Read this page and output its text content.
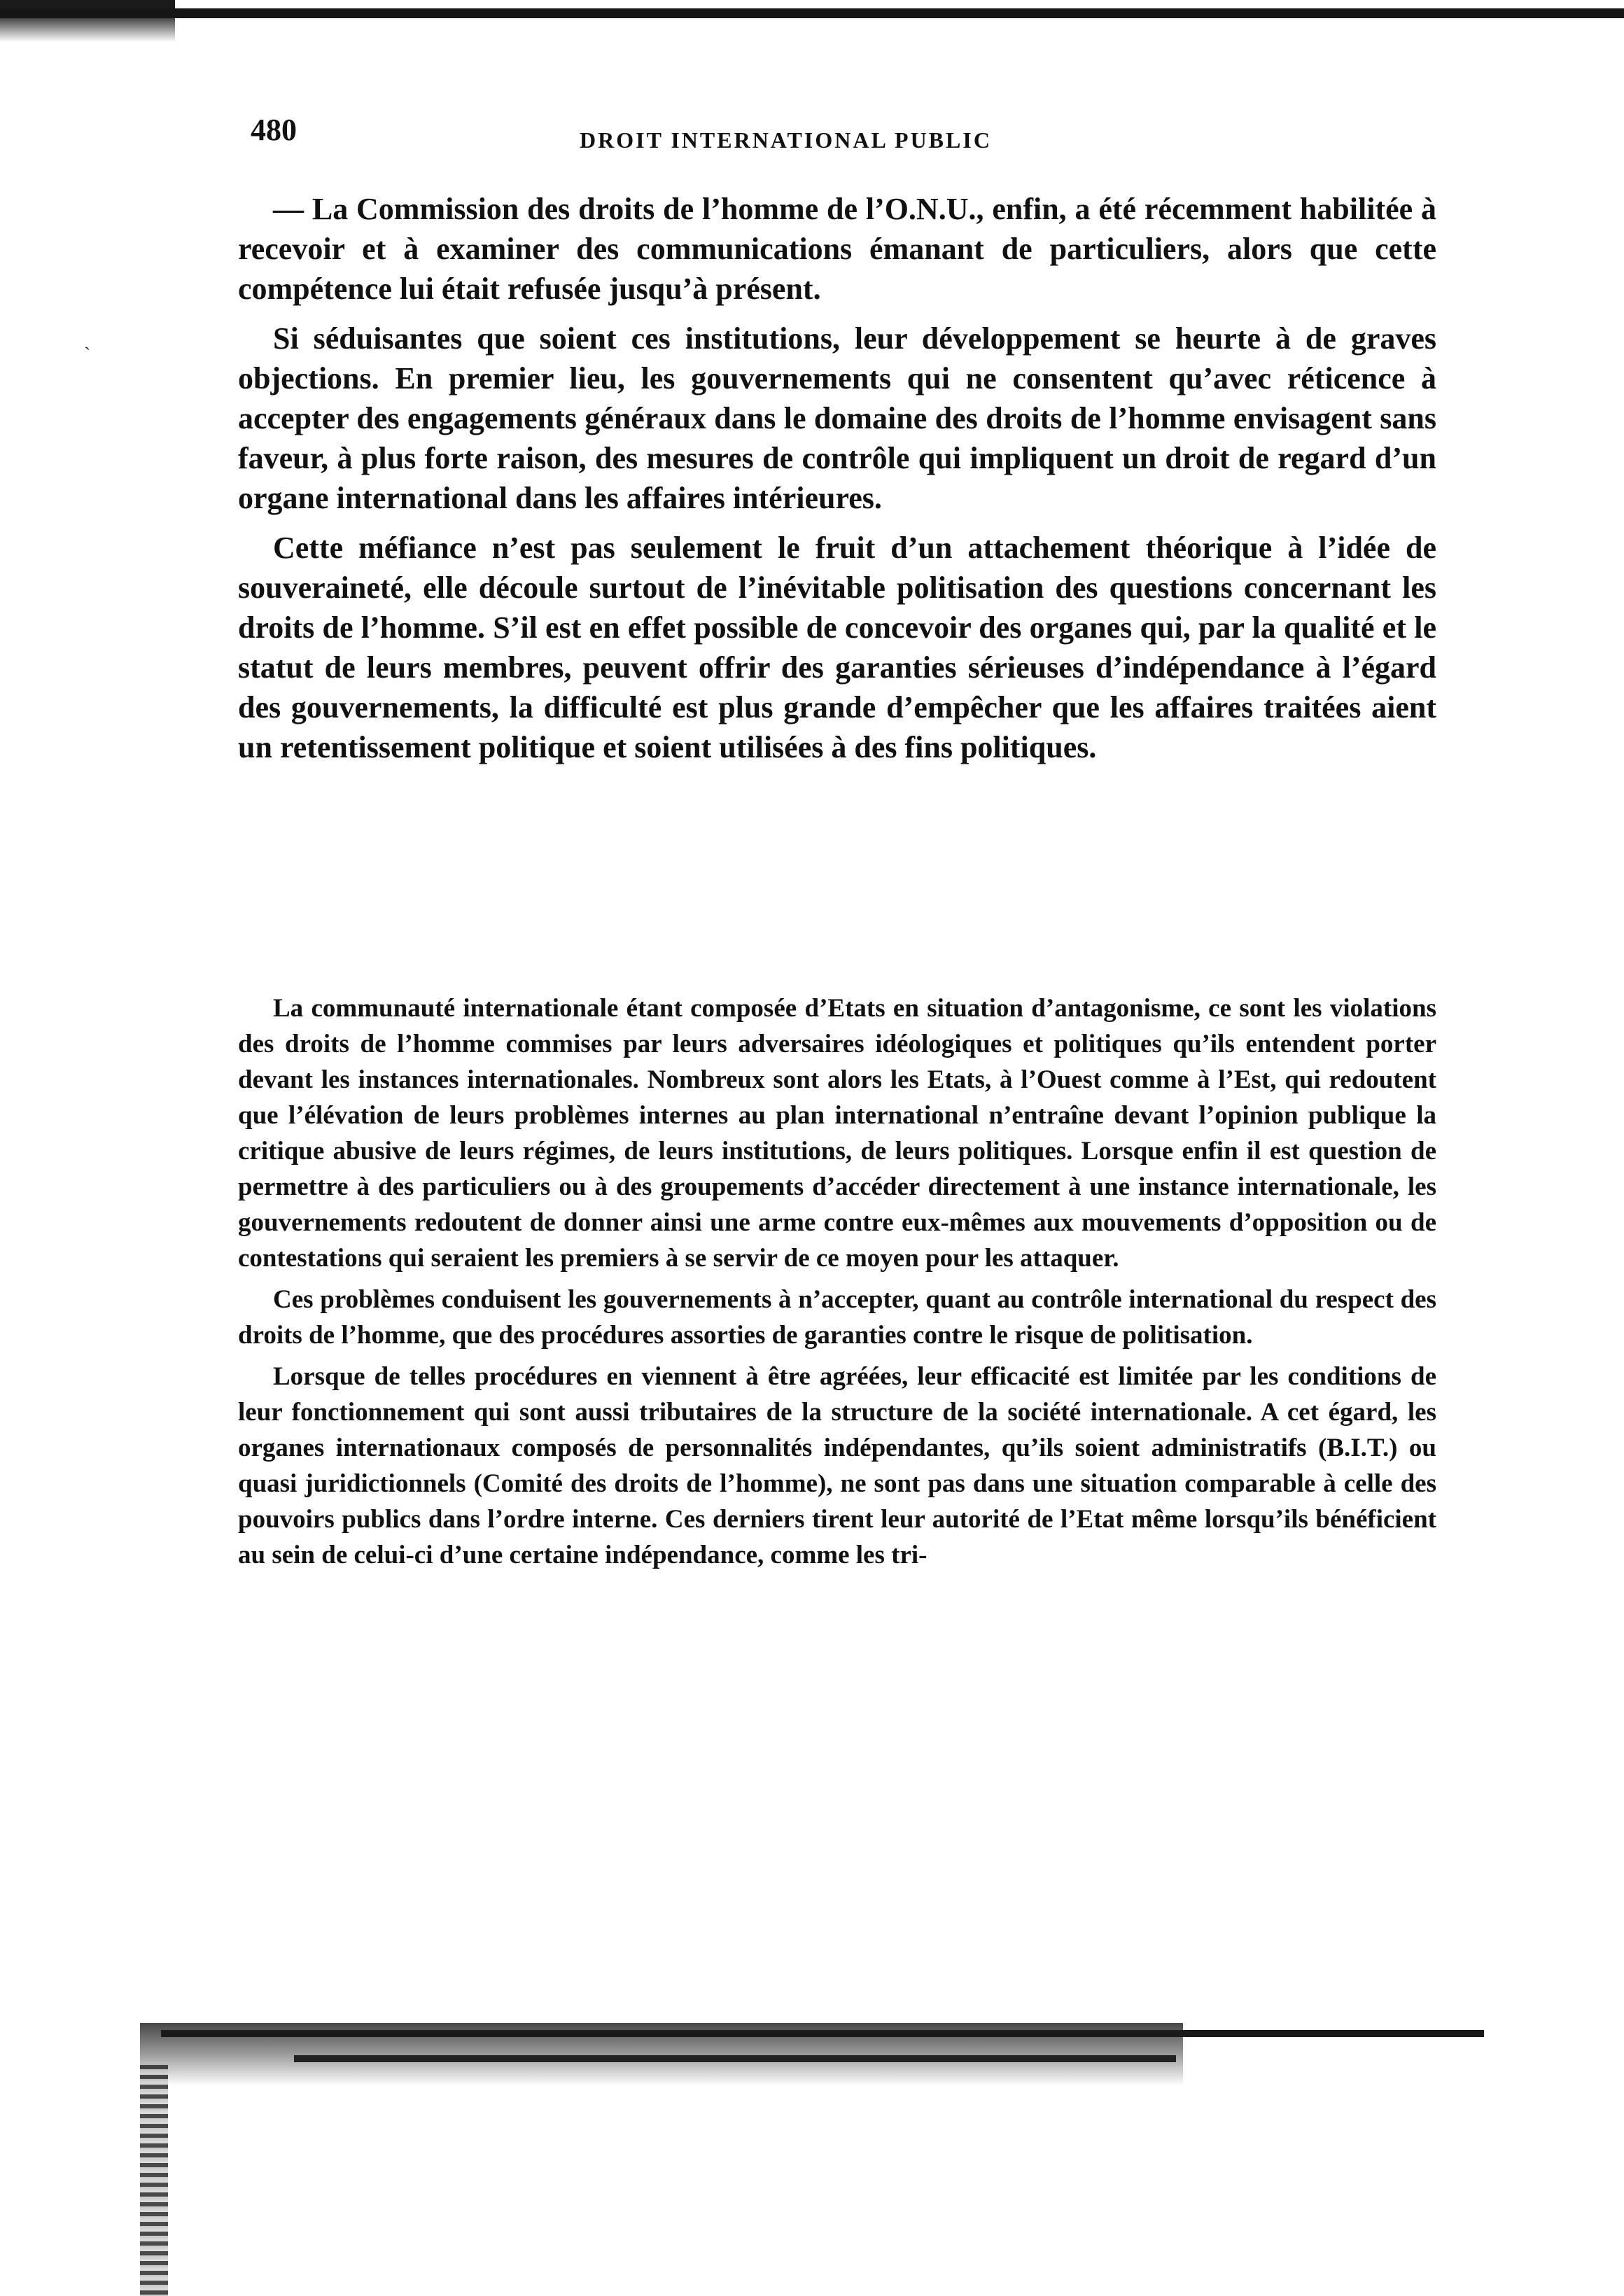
480	DROIT INTERNATIONAL PUBLIC
ˎ

— La Commission des droits de l’homme de l’O.N.U., enfin, a été récemment habilitée à recevoir et à examiner des communications émanant de particuliers, alors que cette compétence lui était refusée jusqu’à présent.

Si séduisantes que soient ces institutions, leur développement se heurte à de graves objections. En premier lieu, les gouvernements qui ne consentent qu’avec réticence à accepter des engagements généraux dans le domaine des droits de l’homme envisagent sans faveur, à plus forte raison, des mesures de contrôle qui impliquent un droit de regard d’un organe international dans les affaires intérieures.

Cette méfiance n’est pas seulement le fruit d’un attachement théorique à l’idée de souveraineté, elle découle surtout de l’inévitable politisation des questions concernant les droits de l’homme. S’il est en effet possible de concevoir des organes qui, par la qualité et le statut de leurs membres, peuvent offrir des garanties sérieuses d’indépendance à l’égard des gouvernements, la difficulté est plus grande d’empêcher que les affaires traitées aient un retentissement politique et soient utilisées à des fins politiques.

La communauté internationale étant composée d’Etats en situation d’antagonisme, ce sont les violations des droits de l’homme commises par leurs adversaires idéologiques et politiques qu’ils entendent porter devant les instances internationales. Nombreux sont alors les Etats, à l’Ouest comme à l’Est, qui redoutent que l’élévation de leurs problèmes internes au plan international n’entraîne devant l’opinion publique la critique abusive de leurs régimes, de leurs institutions, de leurs politiques. Lorsque enfin il est question de permettre à des particuliers ou à des groupements d’accéder directement à une instance internationale, les gouvernements redoutent de donner ainsi une arme contre eux-mêmes aux mouvements d’opposition ou de contestations qui seraient les premiers à se servir de ce moyen pour les attaquer.

Ces problèmes conduisent les gouvernements à n’accepter, quant au contrôle international du respect des droits de l’homme, que des procédures assorties de garanties contre le risque de politisation.

Lorsque de telles procédures en viennent à être agréées, leur efficacité est limitée par les conditions de leur fonctionnement qui sont aussi tributaires de la structure de la société internationale. A cet égard, les organes internationaux composés de personnalités indépendantes, qu’ils soient administratifs (B.I.T.) ou quasi juridictionnels (Comité des droits de l’homme), ne sont pas dans une situation comparable à celle des pouvoirs publics dans l’ordre interne. Ces derniers tirent leur autorité de l’Etat même lorsqu’ils bénéficient au sein de celui-ci d’une certaine indépendance, comme les tri-
